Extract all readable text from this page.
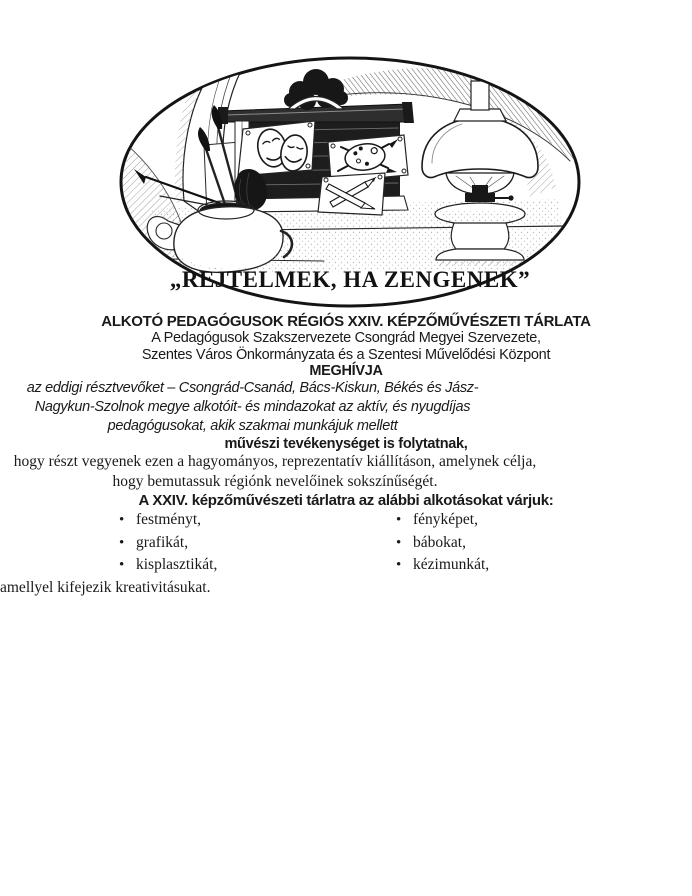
„REJTELMEK, HA ZENGENEK”
ALKOTÓ PEDAGÓGUSOK RÉGIÓS XXIV. KÉPZŐMŰVÉSZETI TÁRLATA
A Pedagógusok Szakszervezete Csongrád Megyei Szervezete,
Szentes Város Önkormányzata és a Szentesi Művelődési Központ
MEGHÍVJA
az eddigi résztvevőket – Csongrád-Csanád, Bács-Kiskun, Békés és Jász-Nagykun-Szolnok megye alkotóit- és mindazokat az aktív, és nyugdíjas pedagógusokat, akik szakmai munkájuk mellett
művészi tevékenységet is folytatnak,
hogy részt vegyenek ezen a hagyományos, reprezentatív kiállításon, amelynek célja, hogy bemutassuk régiónk nevelőinek sokszínűségét.
A XXIV. képzőművészeti tárlatra az alábbi alkotásokat várjuk:
• festményt,
• grafikát,
• kisplasztikát,
• fényképet,
• bábokat,
• kézimunkát,
amellyel kifejezik kreativitásukat.
